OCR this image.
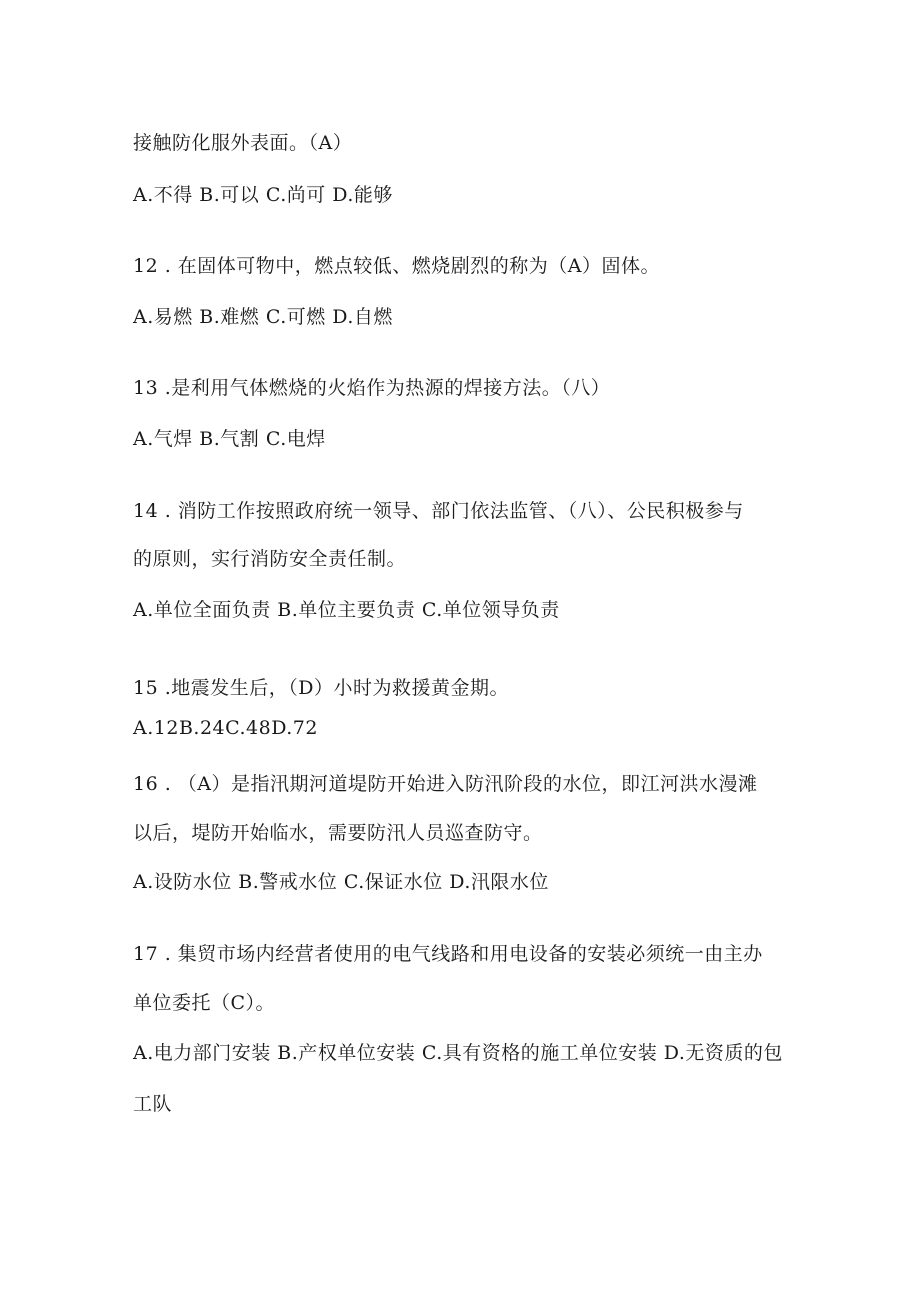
接触防化服外表面。（A）
A.不得 B.可以 C.尚可 D.能够
12 . 在固体可物中，燃点较低、燃烧剧烈的称为（A）固体。
A.易燃 B.难燃 C.可燃 D.自燃
13 .是利用气体燃烧的火焰作为热源的焊接方法。（八）
A.气焊 B.气割 C.电焊
14 . 消防工作按照政府统一领导、部门依法监管、（八）、公民积极参与
的原则，实行消防安全责任制。
A.单位全面负责 B.单位主要负责 C.单位领导负责
15 .地震发生后，（D）小时为救援黄金期。
A.12B.24C.48D.72
16 . （A）是指汛期河道堤防开始进入防汛阶段的水位，即江河洪水漫滩
以后，堤防开始临水，需要防汛人员巡查防守。
A.设防水位 B.警戒水位 C.保证水位 D.汛限水位
17 . 集贸市场内经营者使用的电气线路和用电设备的安装必须统一由主办
单位委托（C）。
A.电力部门安装 B.产权单位安装 C.具有资格的施工单位安装 D.无资质的包
工队
